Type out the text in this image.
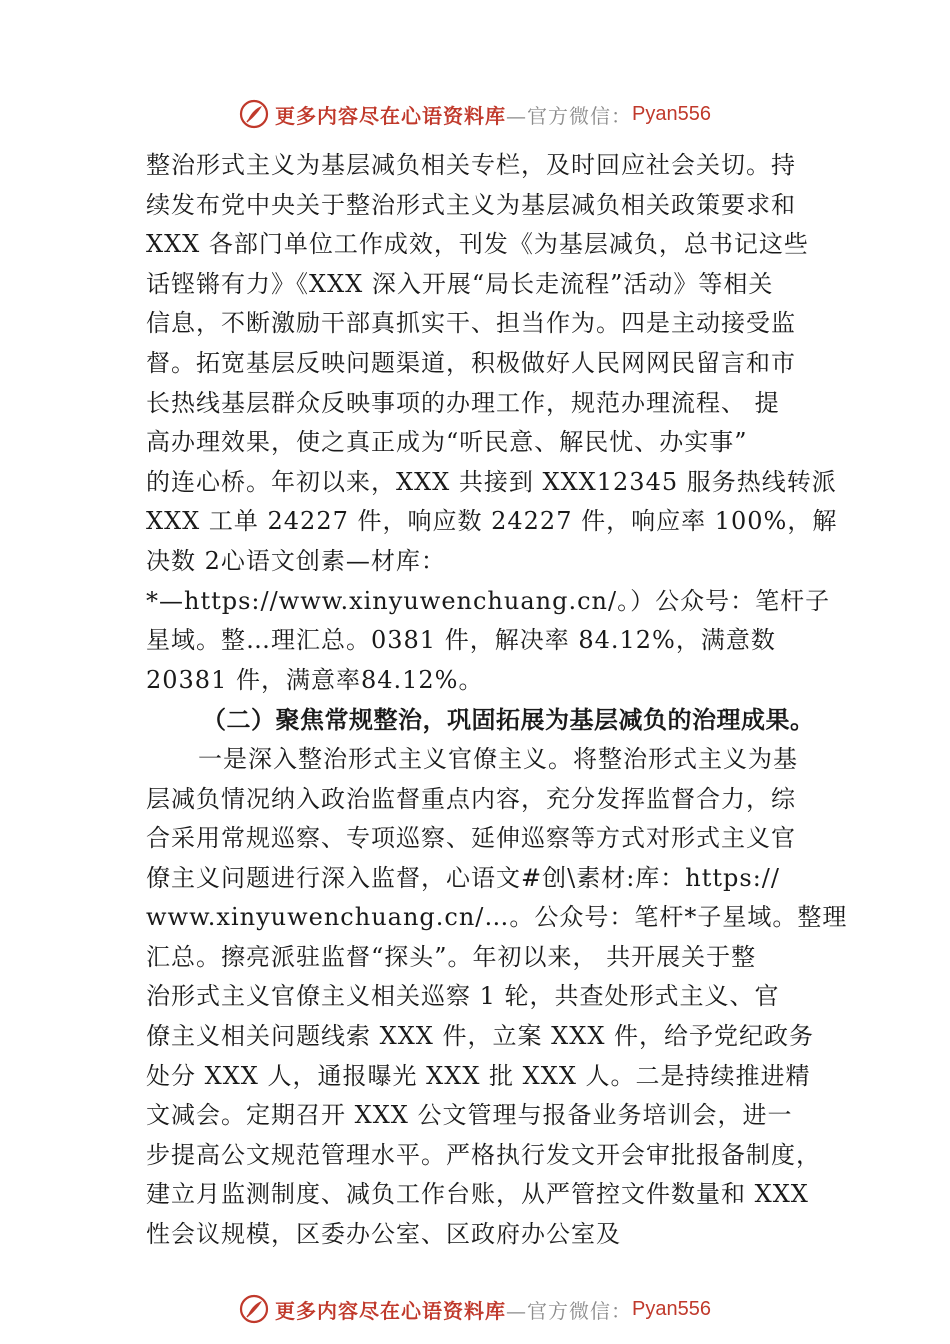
更多内容尽在心语资料库 —官方微信： Pyan556
整治形式主义为基层减负相关专栏，及时回应社会关切。持
续发布党中央关于整治形式主义为基层减负相关政策要求和
XXX 各部门单位工作成效，刊发《为基层减负，总书记这些
话铿锵有力》《XXX 深入开展“局长走流程”活动》等相关
信息，不断激励干部真抓实干、担当作为。四是主动接受监
督。拓宽基层反映问题渠道，积极做好人民网网民留言和市
长热线基层群众反映事项的办理工作，规范办理流程、 提
高办理效果，使之真正成为“听民意、解民忧、办实事”
的连心桥。年初以来，XXX 共接到 XXX12345 服务热线转派
XXX 工单 24227 件，响应数 24227 件，响应率 100%，解
决数 2心语文创素—材库：
*—https://www.xinyuwenchuang.cn/。）公众号：笔杆子
星域。整…理汇总。0381 件，解决率 84.12%，满意数
20381 件，满意率84.12%。
（二）聚焦常规整治，巩固拓展为基层减负的治理成果。
一是深入整治形式主义官僚主义。将整治形式主义为基
层减负情况纳入政治监督重点内容，充分发挥监督合力，综
合采用常规巡察、专项巡察、延伸巡察等方式对形式主义官
僚主义问题进行深入监督，心语文#创\素材:库：https://
www.xinyuwenchuang.cn/…。公众号：笔杆*子星域。整理
汇总。擦亮派驻监督“探头”。年初以来， 共开展关于整
治形式主义官僚主义相关巡察 1 轮，共查处形式主义、官
僚主义相关问题线索 XXX 件，立案 XXX 件，给予党纪政务
处分 XXX 人，通报曝光 XXX 批 XXX 人。二是持续推进精
文减会。定期召开 XXX 公文管理与报备业务培训会，进一
步提高公文规范管理水平。严格执行发文开会审批报备制度，
建立月监测制度、减负工作台账，从严管控文件数量和 XXX
性会议规模，区委办公室、区政府办公室及
更多内容尽在心语资料库 —官方微信： Pyan556
